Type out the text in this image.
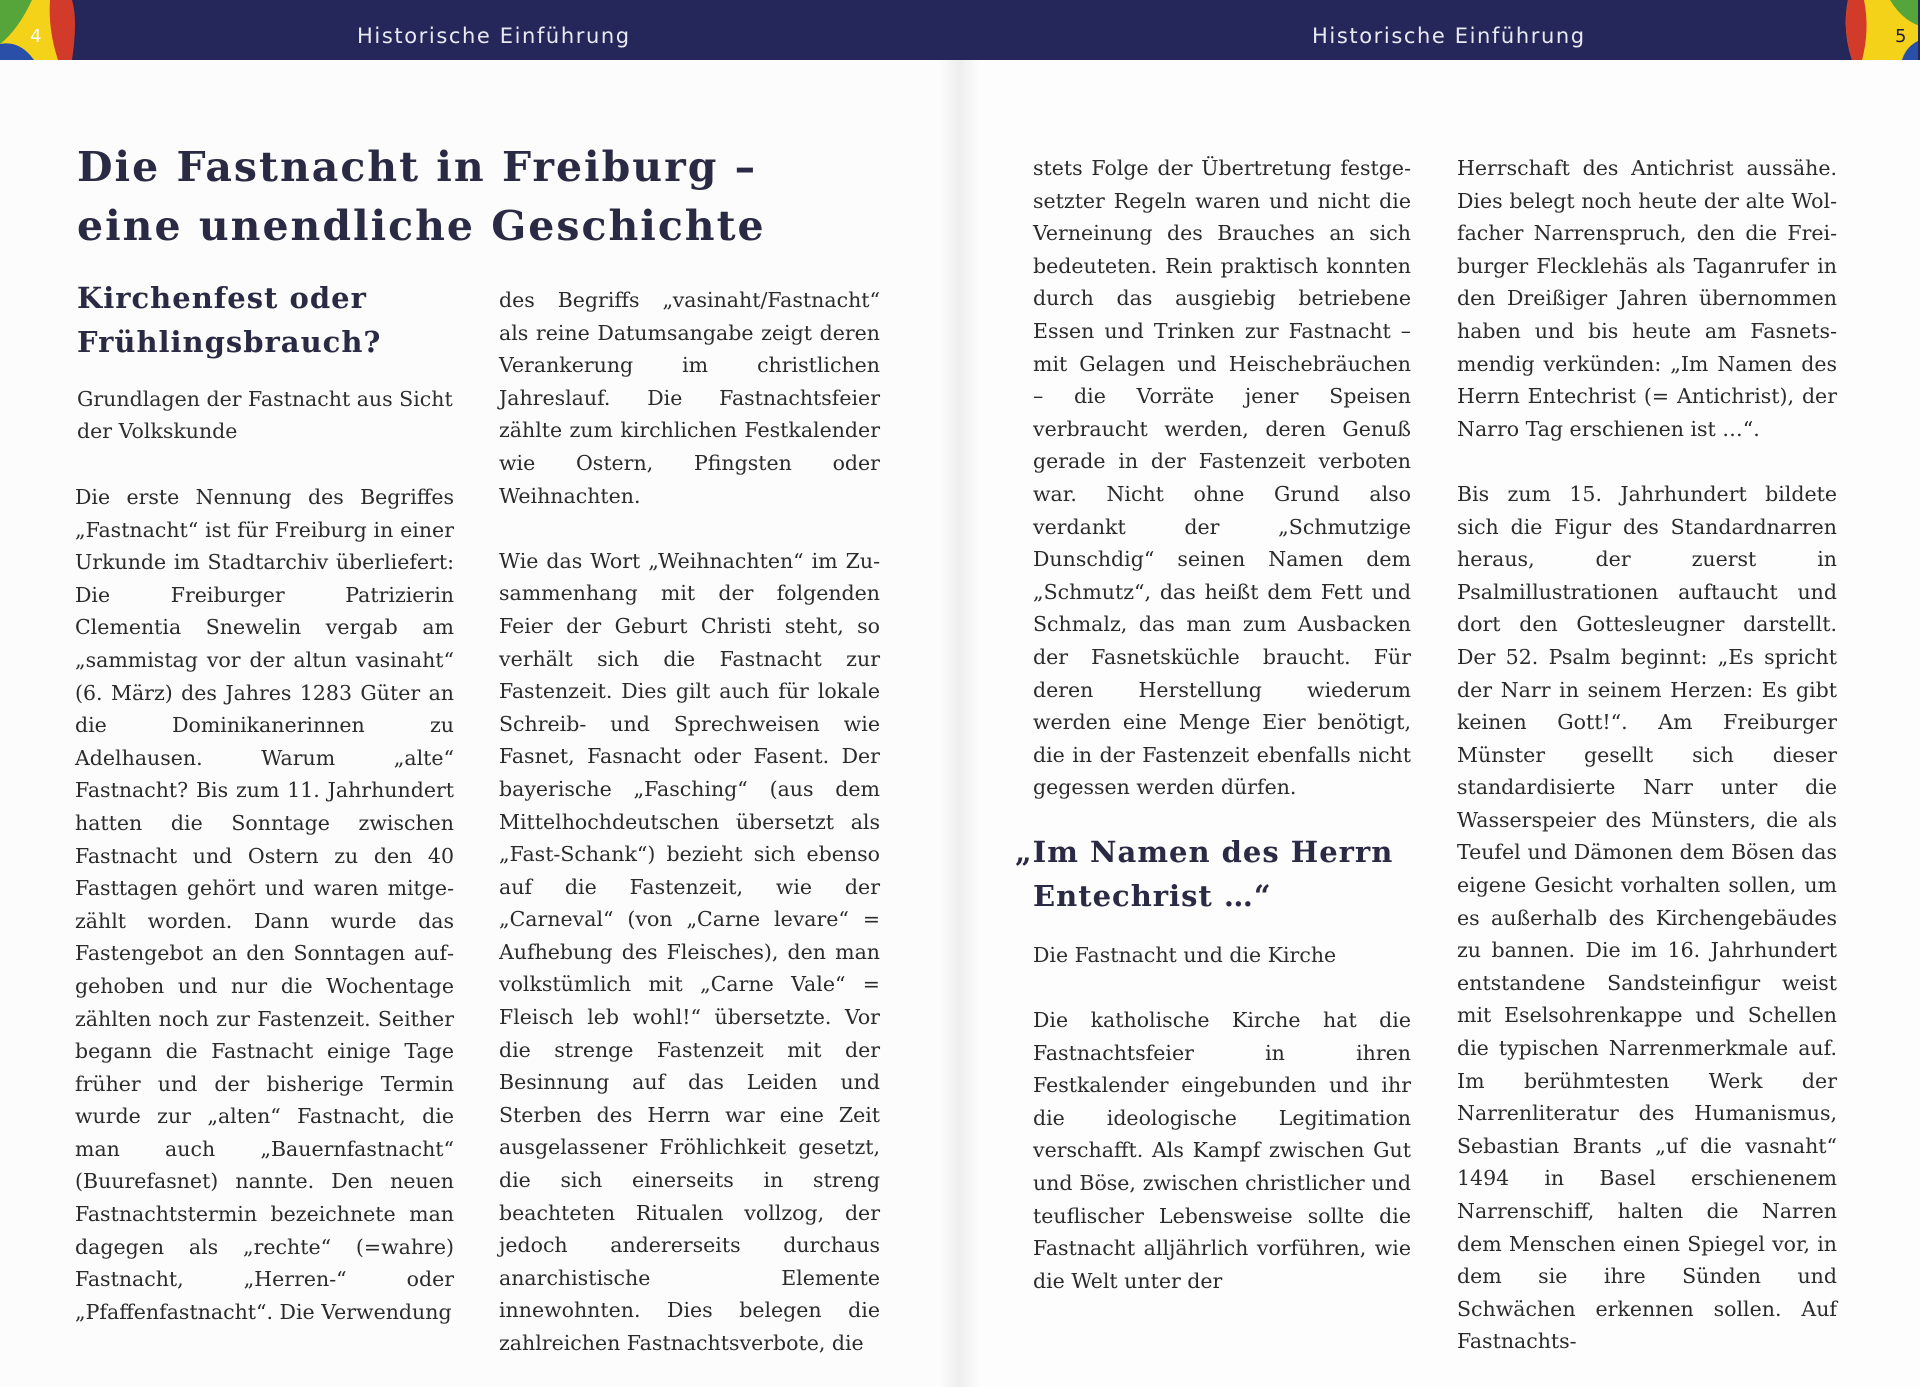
Historische Einführung	Historische Einführung
4	5
Die Fastnacht in Freiburg –
eine unendliche Geschichte
Kirchenfest oder
Frühlingsbrauch?
Grundlagen der Fastnacht aus Sicht
der Volkskunde

Die erste Nennung des Begriffes „Fastnacht“ ist für Freiburg in einer Urkunde im Stadtarchiv überliefert: Die Freiburger Patrizierin Clementia Snewelin vergab am „sammistag vor der altun vasinaht“ (6. März) des Jahres 1283 Güter an die Dominikanerinnen zu Adelhausen. Warum „alte“ Fastnacht? Bis zum 11. Jahrhundert hatten die Sonntage zwischen Fastnacht und Ostern zu den 40 Fasttagen gehört und waren mitgezählt worden. Dann wurde das Fastengebot an den Sonntagen aufgehoben und nur die Wochentage zählten noch zur Fastenzeit. Seither begann die Fastnacht einige Tage früher und der bisherige Termin wurde zur „alten“ Fastnacht, die man auch „Bauernfastnacht“ (Buurefasnet) nannte. Den neuen Fastnachtstermin bezeichnete man dagegen als „rechte“ (=wahre) Fastnacht, „Herren-“ oder „Pfaffenfastnacht“. Die Verwendung

des Begriffs „vasinaht/Fastnacht“ als reine Datumsangabe zeigt deren Verankerung im christlichen Jahreslauf. Die Fastnachtsfeier zählte zum kirchlichen Festkalender wie Ostern, Pfingsten oder Weihnachten.

Wie das Wort „Weihnachten“ im Zusammenhang mit der folgenden Feier der Geburt Christi steht, so verhält sich die Fastnacht zur Fastenzeit. Dies gilt auch für lokale Schreib- und Sprechweisen wie Fasnet, Fasnacht oder Fasent. Der bayerische „Fasching“ (aus dem Mittelhochdeutschen übersetzt als „Fast-Schank“) bezieht sich ebenso auf die Fastenzeit, wie der „Carneval“ (von „Carne levare“ = Aufhebung des Fleisches), den man volkstümlich mit „Carne Vale“ = Fleisch leb wohl!“ übersetzte. Vor die strenge Fastenzeit mit der Besinnung auf das Leiden und Sterben des Herrn war eine Zeit ausgelassener Fröhlichkeit gesetzt, die sich einerseits in streng beachteten Ritualen vollzog, der jedoch andererseits durchaus anarchistische Elemente innewohnten. Dies belegen die zahlreichen Fastnachtsverbote, die

stets Folge der Übertretung festgesetzter Regeln waren und nicht die Verneinung des Brauches an sich bedeuteten. Rein praktisch konnten durch das ausgiebig betriebene Essen und Trinken zur Fastnacht – mit Gelagen und Heischebräuchen – die Vorräte jener Speisen verbraucht werden, deren Genuß gerade in der Fastenzeit verboten war. Nicht ohne Grund also verdankt der „Schmutzige Dunschdig“ seinen Namen dem „Schmutz“, das heißt dem Fett und Schmalz, das man zum Ausbacken der Fasnetsküchle braucht. Für deren Herstellung wiederum werden eine Menge Eier benötigt, die in der Fastenzeit ebenfalls nicht gegessen werden dürfen.

„Im Namen des Herrn
Entechrist …“
Die Fastnacht und die Kirche

Die katholische Kirche hat die Fastnachtsfeier in ihren Festkalender eingebunden und ihr die ideologische Legitimation verschafft. Als Kampf zwischen Gut und Böse, zwischen christlicher und teuflischer Lebensweise sollte die Fastnacht alljährlich vorführen, wie die Welt unter der

Herrschaft des Antichrist aussähe. Dies belegt noch heute der alte Wolfacher Narrenspruch, den die Freiburger Flecklehäs als Taganrufer in den Dreißiger Jahren übernommen haben und bis heute am Fasnetsmendig verkünden: „Im Namen des Herrn Entechrist (= Antichrist), der Narro Tag erschienen ist …“.

Bis zum 15. Jahrhundert bildete sich die Figur des Standardnarren heraus, der zuerst in Psalmillustrationen auftaucht und dort den Gottesleugner darstellt. Der 52. Psalm beginnt: „Es spricht der Narr in seinem Herzen: Es gibt keinen Gott!“. Am Freiburger Münster gesellt sich dieser standardisierte Narr unter die Wasserspeier des Münsters, die als Teufel und Dämonen dem Bösen das eigene Gesicht vorhalten sollen, um es außerhalb des Kirchengebäudes zu bannen. Die im 16. Jahrhundert entstandene Sandsteinfigur weist mit Eselsohrenkappe und Schellen die typischen Narrenmerkmale auf. Im berühmtesten Werk der Narrenliteratur des Humanismus, Sebastian Brants „uf die vasnaht“ 1494 in Basel erschienenem Narrenschiff, halten die Narren dem Menschen einen Spiegel vor, in dem sie ihre Sünden und Schwächen erkennen sollen. Auf Fastnachts-
